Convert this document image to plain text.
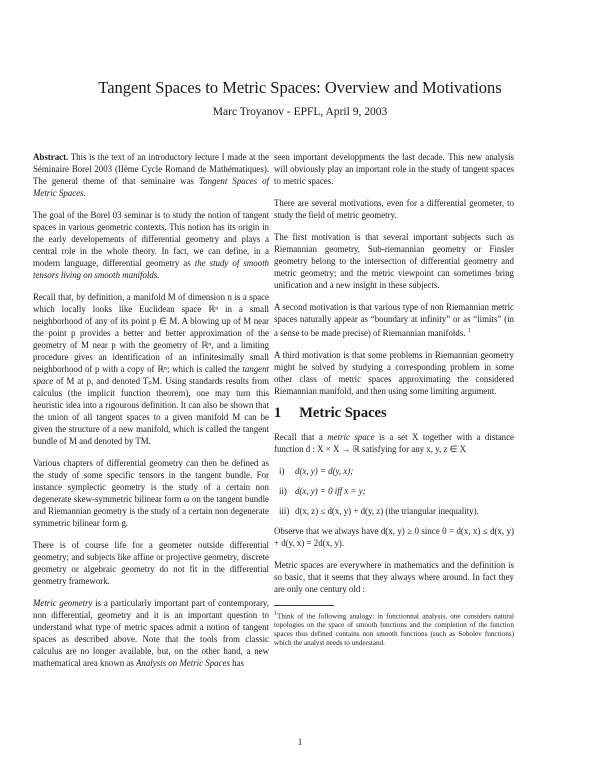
Tangent Spaces to Metric Spaces: Overview and Motivations
Marc Troyanov - EPFL, April 9, 2003

Abstract. This is the text of an introductory lecture I made at the Séminaire Borel 2003 (IIème Cycle Romand de Mathématiques). The general theme of that seminaire was Tangent Spaces of Metric Spaces.

The goal of the Borel 03 seminar is to study the notion of tangent spaces in various geometric contexts. This notion has its origin in the early developements of differential geometry and plays a central role in the whole theory. In fact, we can define, in a modern language, differential geometry as the study of smooth tensors living on smooth manifolds.

Recall that, by definition, a manifold M of dimension n is a space which locally looks like Euclidean space ℝⁿ in a small neighborhood of any of its point p ∈ M. A blowing up of M near the point p provides a better and better approximation of the geometry of M near p with the geometry of ℝⁿ, and a limiting procedure gives an identification of an infinitesimally small neighborhood of p with a copy of ℝⁿ; which is called the tangent space of M at p, and denoted TₚM. Using standards results from calculus (the implicit function theorem), one may turn this heuristic idea into a rigourous definition. It can also be shown that the union of all tangent spaces to a given manifold M can be given the structure of a new manifold, which is called the tangent bundle of M and denoted by TM.

Various chapters of differential geometry can then be defined as the study of some specific tensors in the tangent bundle. For instance symplectic geometry is the study of a certain non degenerate skew-symmetric bilinear form ω on the tangent bundle and Riemannian geometry is the study of a certain non degenerate symmetric bilinear form g.

There is of course life for a geometer outside differential geometry; and subjects like affine or projective geometry, discrete geometry or algebraic geometry do not fit in the differential geometry framework.

Metric geometry is a particularly important part of contemporary, non differential, geometry and it is an important question to understand what type of metric spaces admit a notion of tangent spaces as described above. Note that the tools from classic calculus are no longer available, but, on the other hand, a new mathematical area known as Analysis on Metric Spaces has

seen important developpments the last decade. This new analysis will obviously play an important role in the study of tangent spaces to metric spaces.

There are several motivations, even for a differential geometer, to study the field of metric geometry.

The first motivation is that several important subjects such as Riemannian geometry, Sub-riemannian geometry or Finsler geometry belong to the intersection of differential geometry and metric geometry; and the metric viewpoint can sometimes bring unification and a new insight in these subjects.

A second motivation is that various type of non Riemannian metric spaces naturally appear as “boundary at infinity” or as “limits” (in a sense to be made precise) of Riemannian manifolds. $^1$

A third motivation is that some problems in Riemannian geometry might be solved by studying a corresponding problem in some other class of metric spaces approximating the considered Riemannian manifold, and then using some limiting argument.

1 Metric Spaces

Recall that a metric space is a set X together with a distance function d : X × X → ℝ satisfying for any x, y, z ∈ X

i)	d(x, y) = d(y, x);
ii) d(x, y) = 0 iff x = y;
iii) d(x, z) ≤ d(x, y) + d(y, z) (the triangular inequality).

Observe that we always have d(x, y) ≥ 0 since 0 = d(x, x) ≤ d(x, y) + d(y, x) = 2d(x, y).

Metric spaces are everywhere in mathematics and the definition is so basic, that it seems that they always where around. In fact they are only one century old :

$^1$Think of the following analogy: in functionnal analysis, one considers natural topologies on the space of smooth functions and the completion of the function spaces thus defined contains non smooth functions (such as Sobolev functions) which the analyst needs to understand.
1
